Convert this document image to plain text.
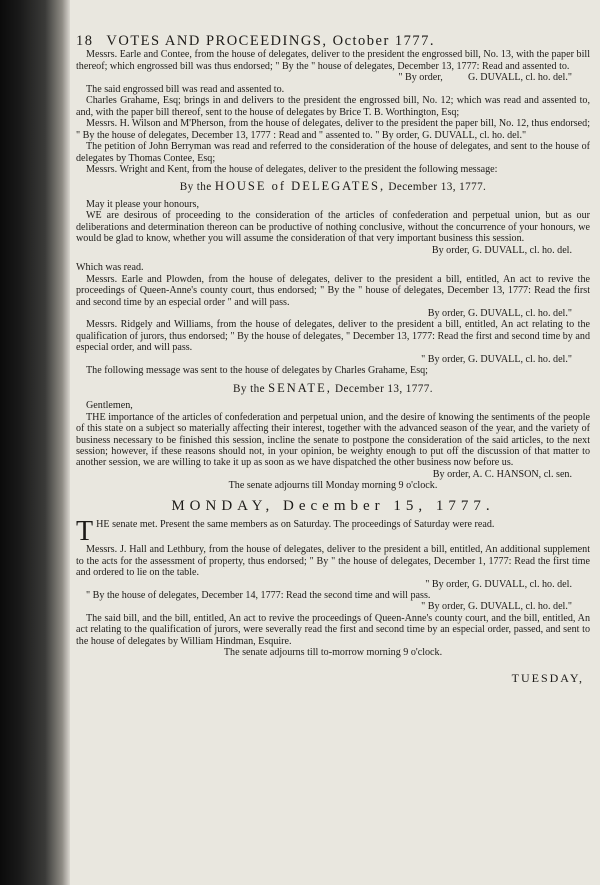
18 VOTES AND PROCEEDINGS, October 1777.

Messrs. Earle and Contee, from the house of delegates, deliver to the president the engrossed bill, No. 13, with the paper bill thereof; which engrossed bill was thus endorsed; " By the " house of delegates, December 13, 1777: Read and assented to.

" By order, G. DUVALL, cl. ho. del."

The said engrossed bill was read and assented to.

Charles Grahame, Esq; brings in and delivers to the president the engrossed bill, No. 12; which was read and assented to, and, with the paper bill thereof, sent to the house of delegates by Brice T. B. Worthington, Esq;

Messrs. H. Wilson and M'Pherson, from the house of delegates, deliver to the president the paper bill, No. 12, thus endorsed; " By the house of delegates, December 13, 1777 : Read and " assented to. " By order, G. DUVALL, cl. ho. del."

The petition of John Berryman was read and referred to the consideration of the house of delegates, and sent to the house of delegates by Thomas Contee, Esq;

Messrs. Wright and Kent, from the house of delegates, deliver to the president the following message:

By the HOUSE of DELEGATES, December 13, 1777.

May it please your honours,

WE are desirous of proceeding to the consideration of the articles of confederation and perpetual union, but as our deliberations and determination thereon can be productive of nothing conclusive, without the concurrence of your honours, we would be glad to know, whether you will assume the consideration of that very important business this session.

By order, G. DUVALL, cl. ho. del.

Which was read.

Messrs. Earle and Plowden, from the house of delegates, deliver to the president a bill, entitled, An act to revive the proceedings of Queen-Anne's county court, thus endorsed; " By the " house of delegates, December 13, 1777: Read the first and second time by an especial order " and will pass.

By order, G. DUVALL, cl. ho. del."

Messrs. Ridgely and Williams, from the house of delegates, deliver to the president a bill, entitled, An act relating to the qualification of jurors, thus endorsed; " By the house of delegates, " December 13, 1777: Read the first and second time by and especial order, and will pass.

" By order, G. DUVALL, cl. ho. del."

The following message was sent to the house of delegates by Charles Grahame, Esq;

By the SENATE, December 13, 1777.

Gentlemen,

THE importance of the articles of confederation and perpetual union, and the desire of knowing the sentiments of the people of this state on a subject so materially affecting their interest, together with the advanced season of the year, and the variety of business necessary to be finished this session, incline the senate to postpone the consideration of the said articles, to the next session; however, if these reasons should not, in your opinion, be weighty enough to put off the discussion of that matter to another session, we are willing to take it up as soon as we have dispatched the other business now before us.

By order, A. C. HANSON, cl. sen.

The senate adjourns till Monday morning 9 o'clock.

MONDAY, December 15, 1777.

THE senate met. Present the same members as on Saturday. The proceedings of Saturday were read.

Messrs. J. Hall and Lethbury, from the house of delegates, deliver to the president a bill, entitled, An additional supplement to the acts for the assessment of property, thus endorsed; " By " the house of delegates, December 1, 1777: Read the first time and ordered to lie on the table.

" By order, G. DUVALL, cl. ho. del.

" By the house of delegates, December 14, 1777: Read the second time and will pass.

" By order, G. DUVALL, cl. ho. del."

The said bill, and the bill, entitled, An act to revive the proceedings of Queen-Anne's county court, and the bill, entitled, An act relating to the qualification of jurors, were severally read the first and second time by an especial order, passed, and sent to the house of delegates by William Hindman, Esquire.

The senate adjourns till to-morrow morning 9 o'clock.

TUESDAY,
